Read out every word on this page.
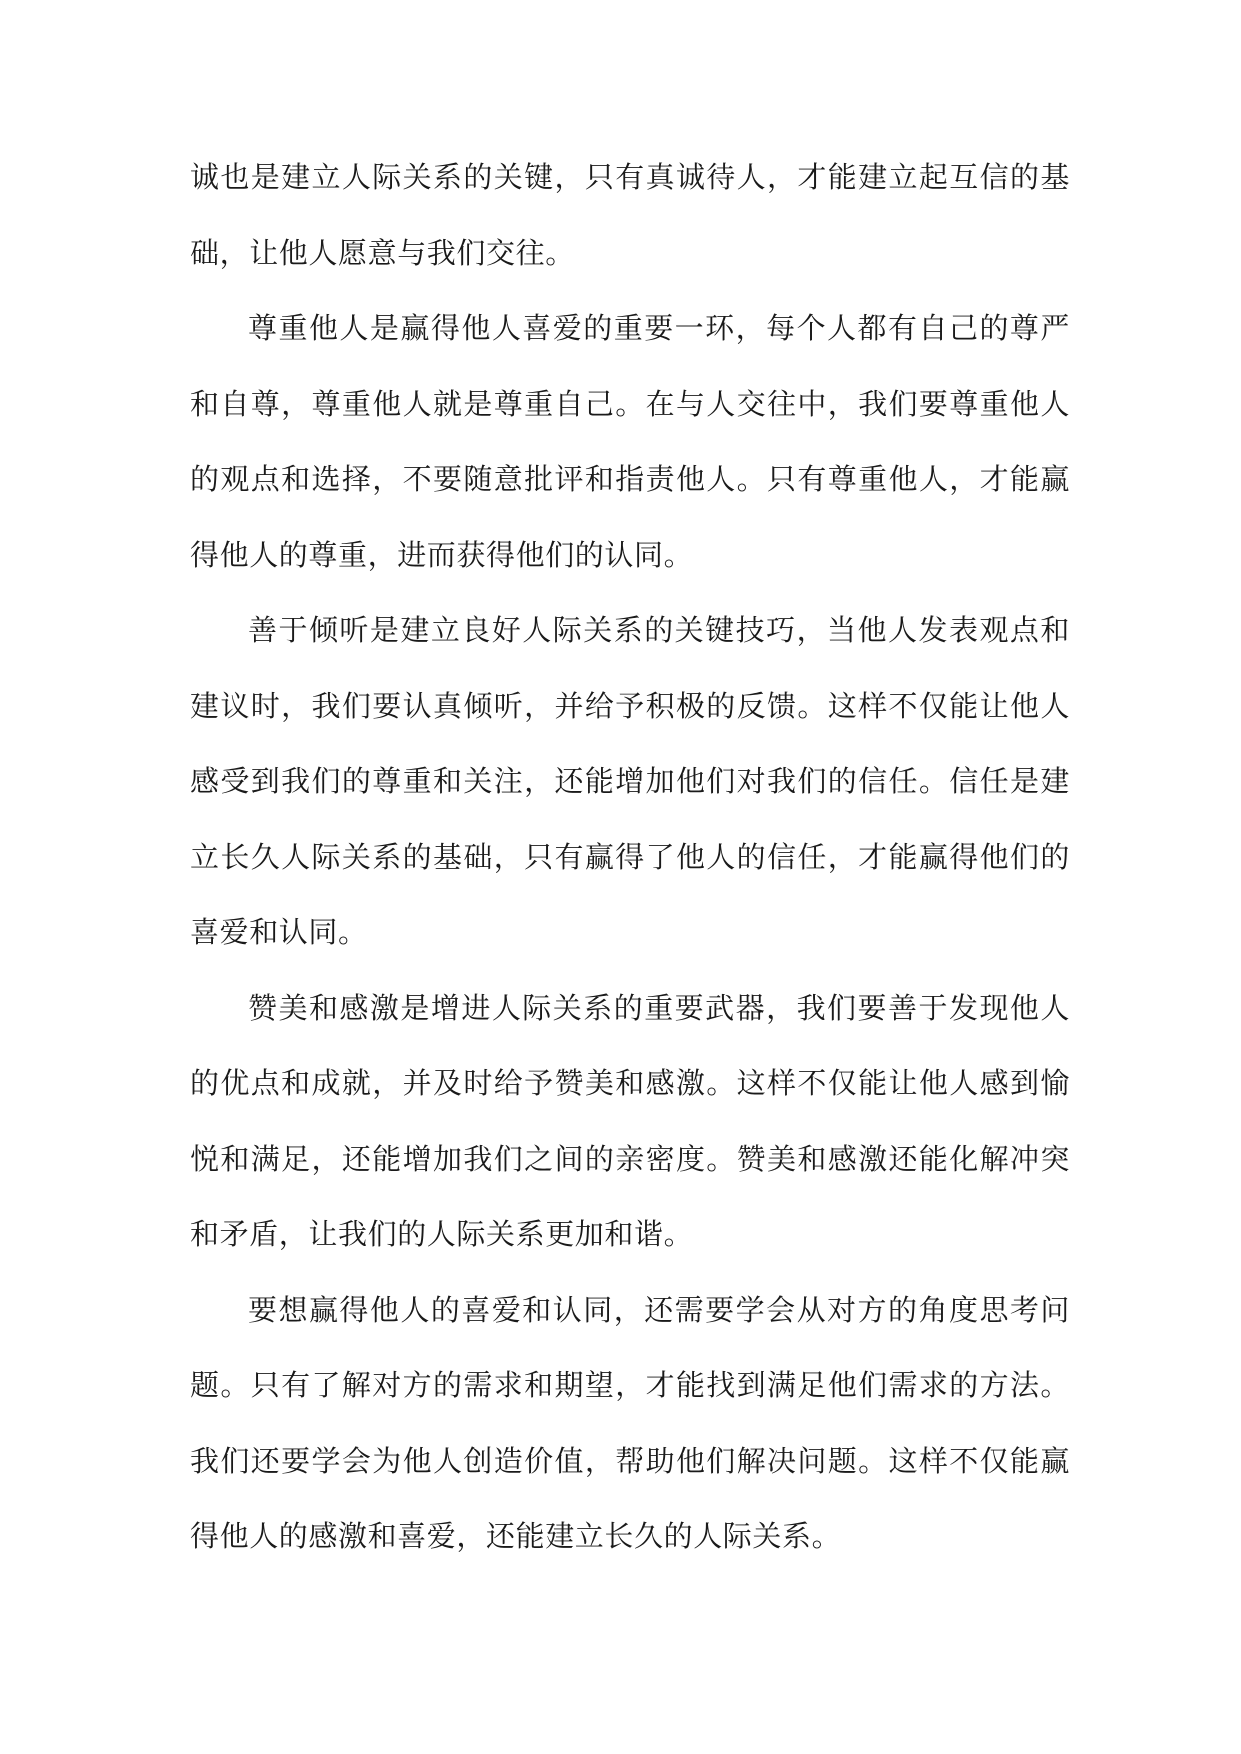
诚也是建立人际关系的关键，只有真诚待人，才能建立起互信的基础，让他人愿意与我们交往。

尊重他人是赢得他人喜爱的重要一环，每个人都有自己的尊严和自尊，尊重他人就是尊重自己。在与人交往中，我们要尊重他人的观点和选择，不要随意批评和指责他人。只有尊重他人，才能赢得他人的尊重，进而获得他们的认同。

善于倾听是建立良好人际关系的关键技巧，当他人发表观点和建议时，我们要认真倾听，并给予积极的反馈。这样不仅能让他人感受到我们的尊重和关注，还能增加他们对我们的信任。信任是建立长久人际关系的基础，只有赢得了他人的信任，才能赢得他们的喜爱和认同。

赞美和感激是增进人际关系的重要武器，我们要善于发现他人的优点和成就，并及时给予赞美和感激。这样不仅能让他人感到愉悦和满足，还能增加我们之间的亲密度。赞美和感激还能化解冲突和矛盾，让我们的人际关系更加和谐。

要想赢得他人的喜爱和认同，还需要学会从对方的角度思考问题。只有了解对方的需求和期望，才能找到满足他们需求的方法。我们还要学会为他人创造价值，帮助他们解决问题。这样不仅能赢得他人的感激和喜爱，还能建立长久的人际关系。
